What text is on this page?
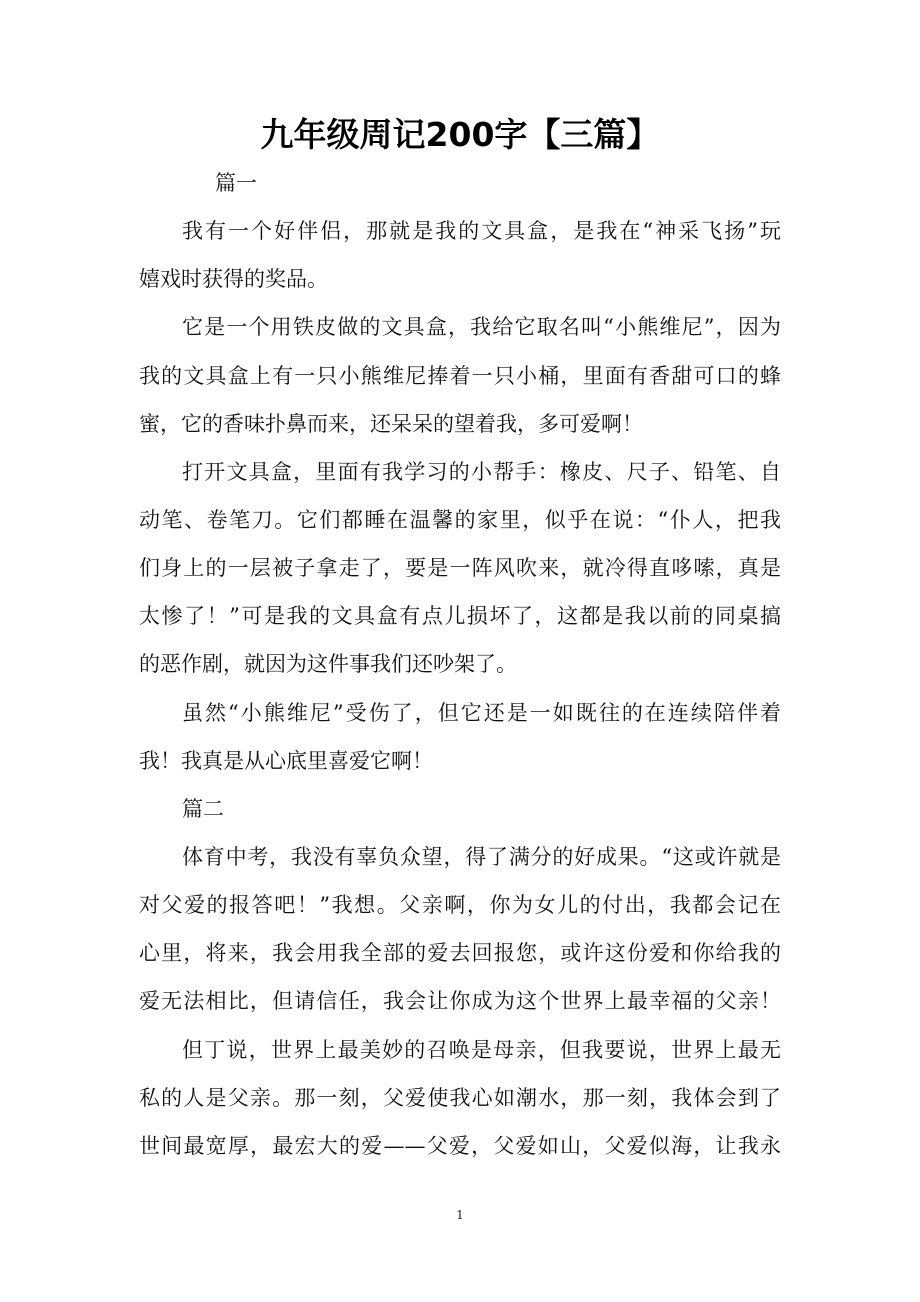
九年级周记200字【三篇】
篇一
我有一个好伴侣，那就是我的文具盒，是我在“神采飞扬”玩
嬉戏时获得的奖品。
它是一个用铁皮做的文具盒，我给它取名叫“小熊维尼”，因为
我的文具盒上有一只小熊维尼捧着一只小桶，里面有香甜可口的蜂
蜜，它的香味扑鼻而来，还呆呆的望着我，多可爱啊！
打开文具盒，里面有我学习的小帮手：橡皮、尺子、铅笔、自
动笔、卷笔刀。它们都睡在温馨的家里，似乎在说：“仆人，把我
们身上的一层被子拿走了，要是一阵风吹来，就冷得直哆嗦，真是
太惨了！”可是我的文具盒有点儿损坏了，这都是我以前的同桌搞
的恶作剧，就因为这件事我们还吵架了。
虽然“小熊维尼”受伤了，但它还是一如既往的在连续陪伴着
我！我真是从心底里喜爱它啊！
篇二
体育中考，我没有辜负众望，得了满分的好成果。“这或许就是
对父爱的报答吧！”我想。父亲啊，你为女儿的付出，我都会记在
心里，将来，我会用我全部的爱去回报您，或许这份爱和你给我的
爱无法相比，但请信任，我会让你成为这个世界上最幸福的父亲！
但丁说，世界上最美妙的召唤是母亲，但我要说，世界上最无
私的人是父亲。那一刻，父爱使我心如潮水，那一刻，我体会到了
世间最宽厚，最宏大的爱——父爱，父爱如山，父爱似海，让我永
1
